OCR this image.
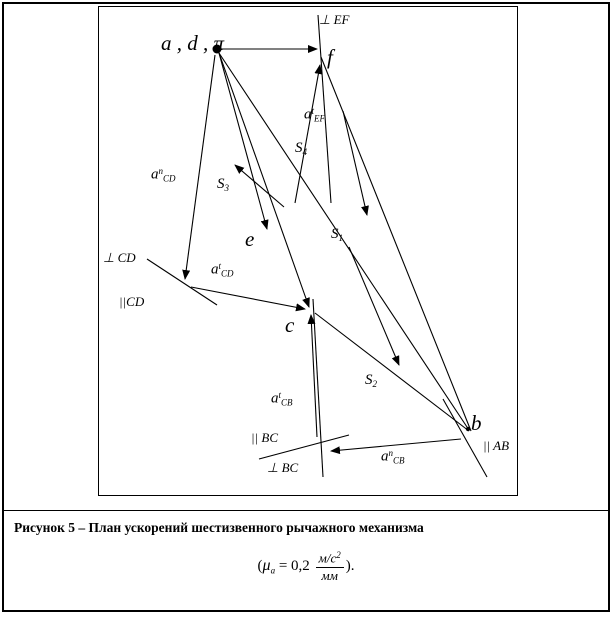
a , d , π
f
e
c
b
$a^t_{EF}$
$a^n_{CD}$
$a^t_{CD}$
$a^t_{CB}$
$a^n_{CB}$
$S_1$
$S_2$
$S_3$
$S_4$
⊥ EF
⊥ CD
||CD
|| BC
⊥ BC
|| AB
Рисунок 5 – План ускорений шестизвенного рычажного механизма
($\mu_a = 0,2 \frac{м/с^2}{мм}$ ).
